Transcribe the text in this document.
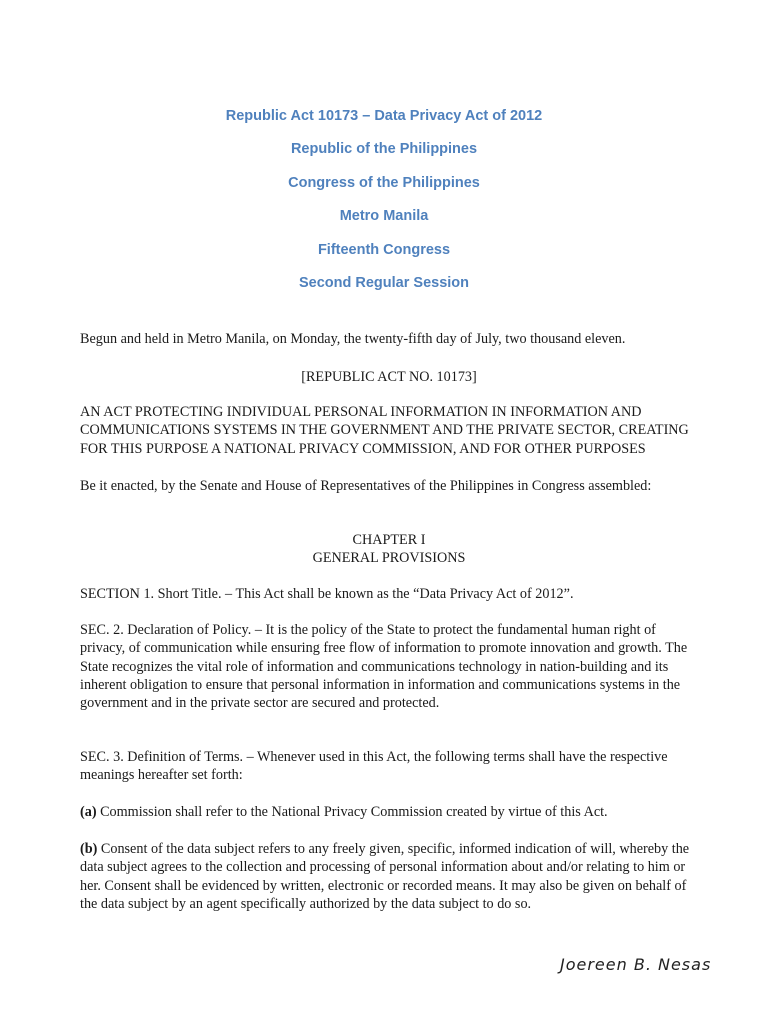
Republic Act 10173 – Data Privacy Act of 2012
Republic of the Philippines
Congress of the Philippines
Metro Manila
Fifteenth Congress
Second Regular Session
Begun and held in Metro Manila, on Monday, the twenty-fifth day of July, two thousand eleven.
[REPUBLIC ACT NO. 10173]
AN ACT PROTECTING INDIVIDUAL PERSONAL INFORMATION IN INFORMATION AND COMMUNICATIONS SYSTEMS IN THE GOVERNMENT AND THE PRIVATE SECTOR, CREATING FOR THIS PURPOSE A NATIONAL PRIVACY COMMISSION, AND FOR OTHER PURPOSES
Be it enacted, by the Senate and House of Representatives of the Philippines in Congress assembled:
CHAPTER I
GENERAL PROVISIONS
SECTION 1. Short Title. – This Act shall be known as the “Data Privacy Act of 2012”.
SEC. 2. Declaration of Policy. – It is the policy of the State to protect the fundamental human right of privacy, of communication while ensuring free flow of information to promote innovation and growth. The State recognizes the vital role of information and communications technology in nation-building and its inherent obligation to ensure that personal information in information and communications systems in the government and in the private sector are secured and protected.
SEC. 3. Definition of Terms. – Whenever used in this Act, the following terms shall have the respective meanings hereafter set forth:
(a) Commission shall refer to the National Privacy Commission created by virtue of this Act.
(b) Consent of the data subject refers to any freely given, specific, informed indication of will, whereby the data subject agrees to the collection and processing of personal information about and/or relating to him or her. Consent shall be evidenced by written, electronic or recorded means. It may also be given on behalf of the data subject by an agent specifically authorized by the data subject to do so.
Joereen B. Nesas
